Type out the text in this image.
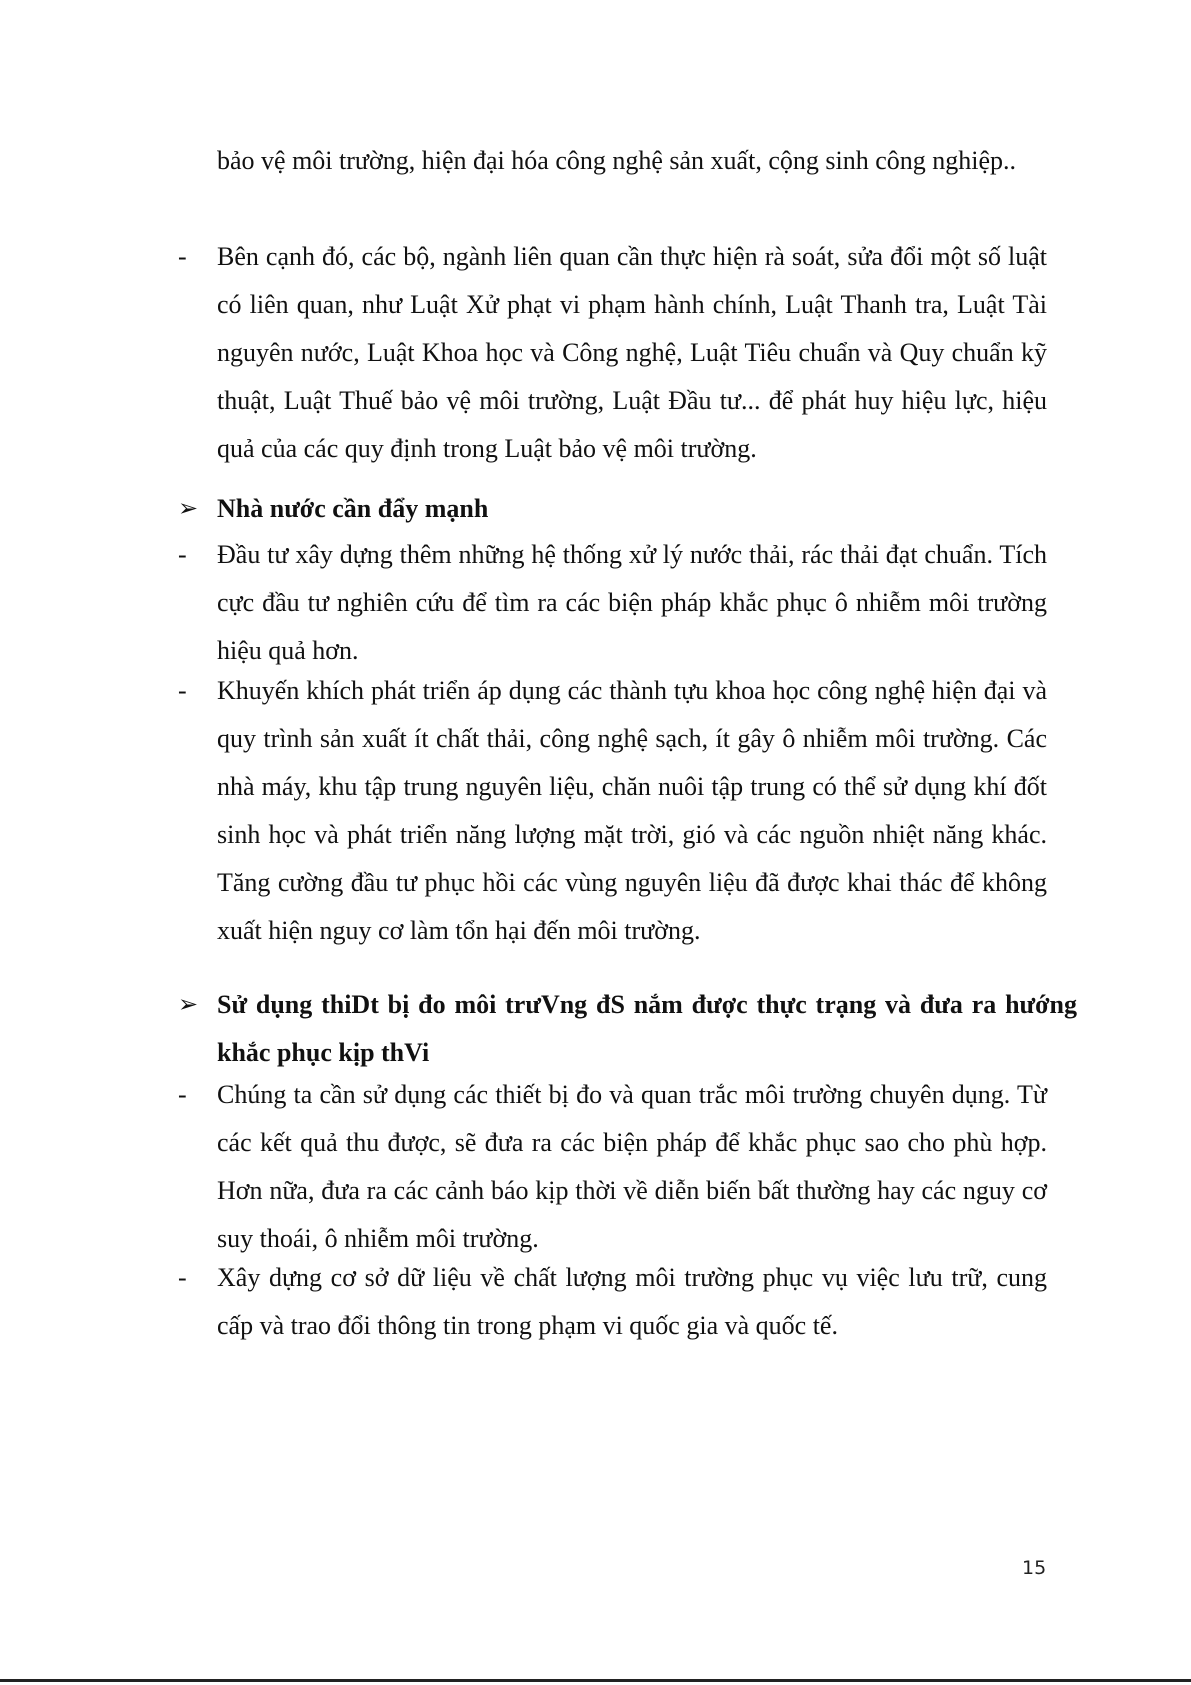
bảo vệ môi trường, hiện đại hóa công nghệ sản xuất, cộng sinh công nghiệp..
- Bên cạnh đó, các bộ, ngành liên quan cần thực hiện rà soát, sửa đổi một số luật có liên quan, như Luật Xử phạt vi phạm hành chính, Luật Thanh tra, Luật Tài nguyên nước, Luật Khoa học và Công nghệ, Luật Tiêu chuẩn và Quy chuẩn kỹ thuật, Luật Thuế bảo vệ môi trường, Luật Đầu tư... để phát huy hiệu lực, hiệu quả của các quy định trong Luật bảo vệ môi trường.
➢ Nhà nước cần đẩy mạnh
- Đầu tư xây dựng thêm những hệ thống xử lý nước thải, rác thải đạt chuẩn. Tích cực đầu tư nghiên cứu để tìm ra các biện pháp khắc phục ô nhiễm môi trường hiệu quả hơn.
- Khuyến khích phát triển áp dụng các thành tựu khoa học công nghệ hiện đại và quy trình sản xuất ít chất thải, công nghệ sạch, ít gây ô nhiễm môi trường. Các nhà máy, khu tập trung nguyên liệu, chăn nuôi tập trung có thể sử dụng khí đốt sinh học và phát triển năng lượng mặt trời, gió và các nguồn nhiệt năng khác. Tăng cường đầu tư phục hồi các vùng nguyên liệu đã được khai thác để không xuất hiện nguy cơ làm tổn hại đến môi trường.
➢ Sử dụng thiDt bị đo môi trưVng đS nắm được thực trạng và đưa ra hướng khắc phục kịp thVi
- Chúng ta cần sử dụng các thiết bị đo và quan trắc môi trường chuyên dụng. Từ các kết quả thu được, sẽ đưa ra các biện pháp để khắc phục sao cho phù hợp. Hơn nữa, đưa ra các cảnh báo kịp thời về diễn biến bất thường hay các nguy cơ suy thoái, ô nhiễm môi trường.
- Xây dựng cơ sở dữ liệu về chất lượng môi trường phục vụ việc lưu trữ, cung cấp và trao đổi thông tin trong phạm vi quốc gia và quốc tế.
15
